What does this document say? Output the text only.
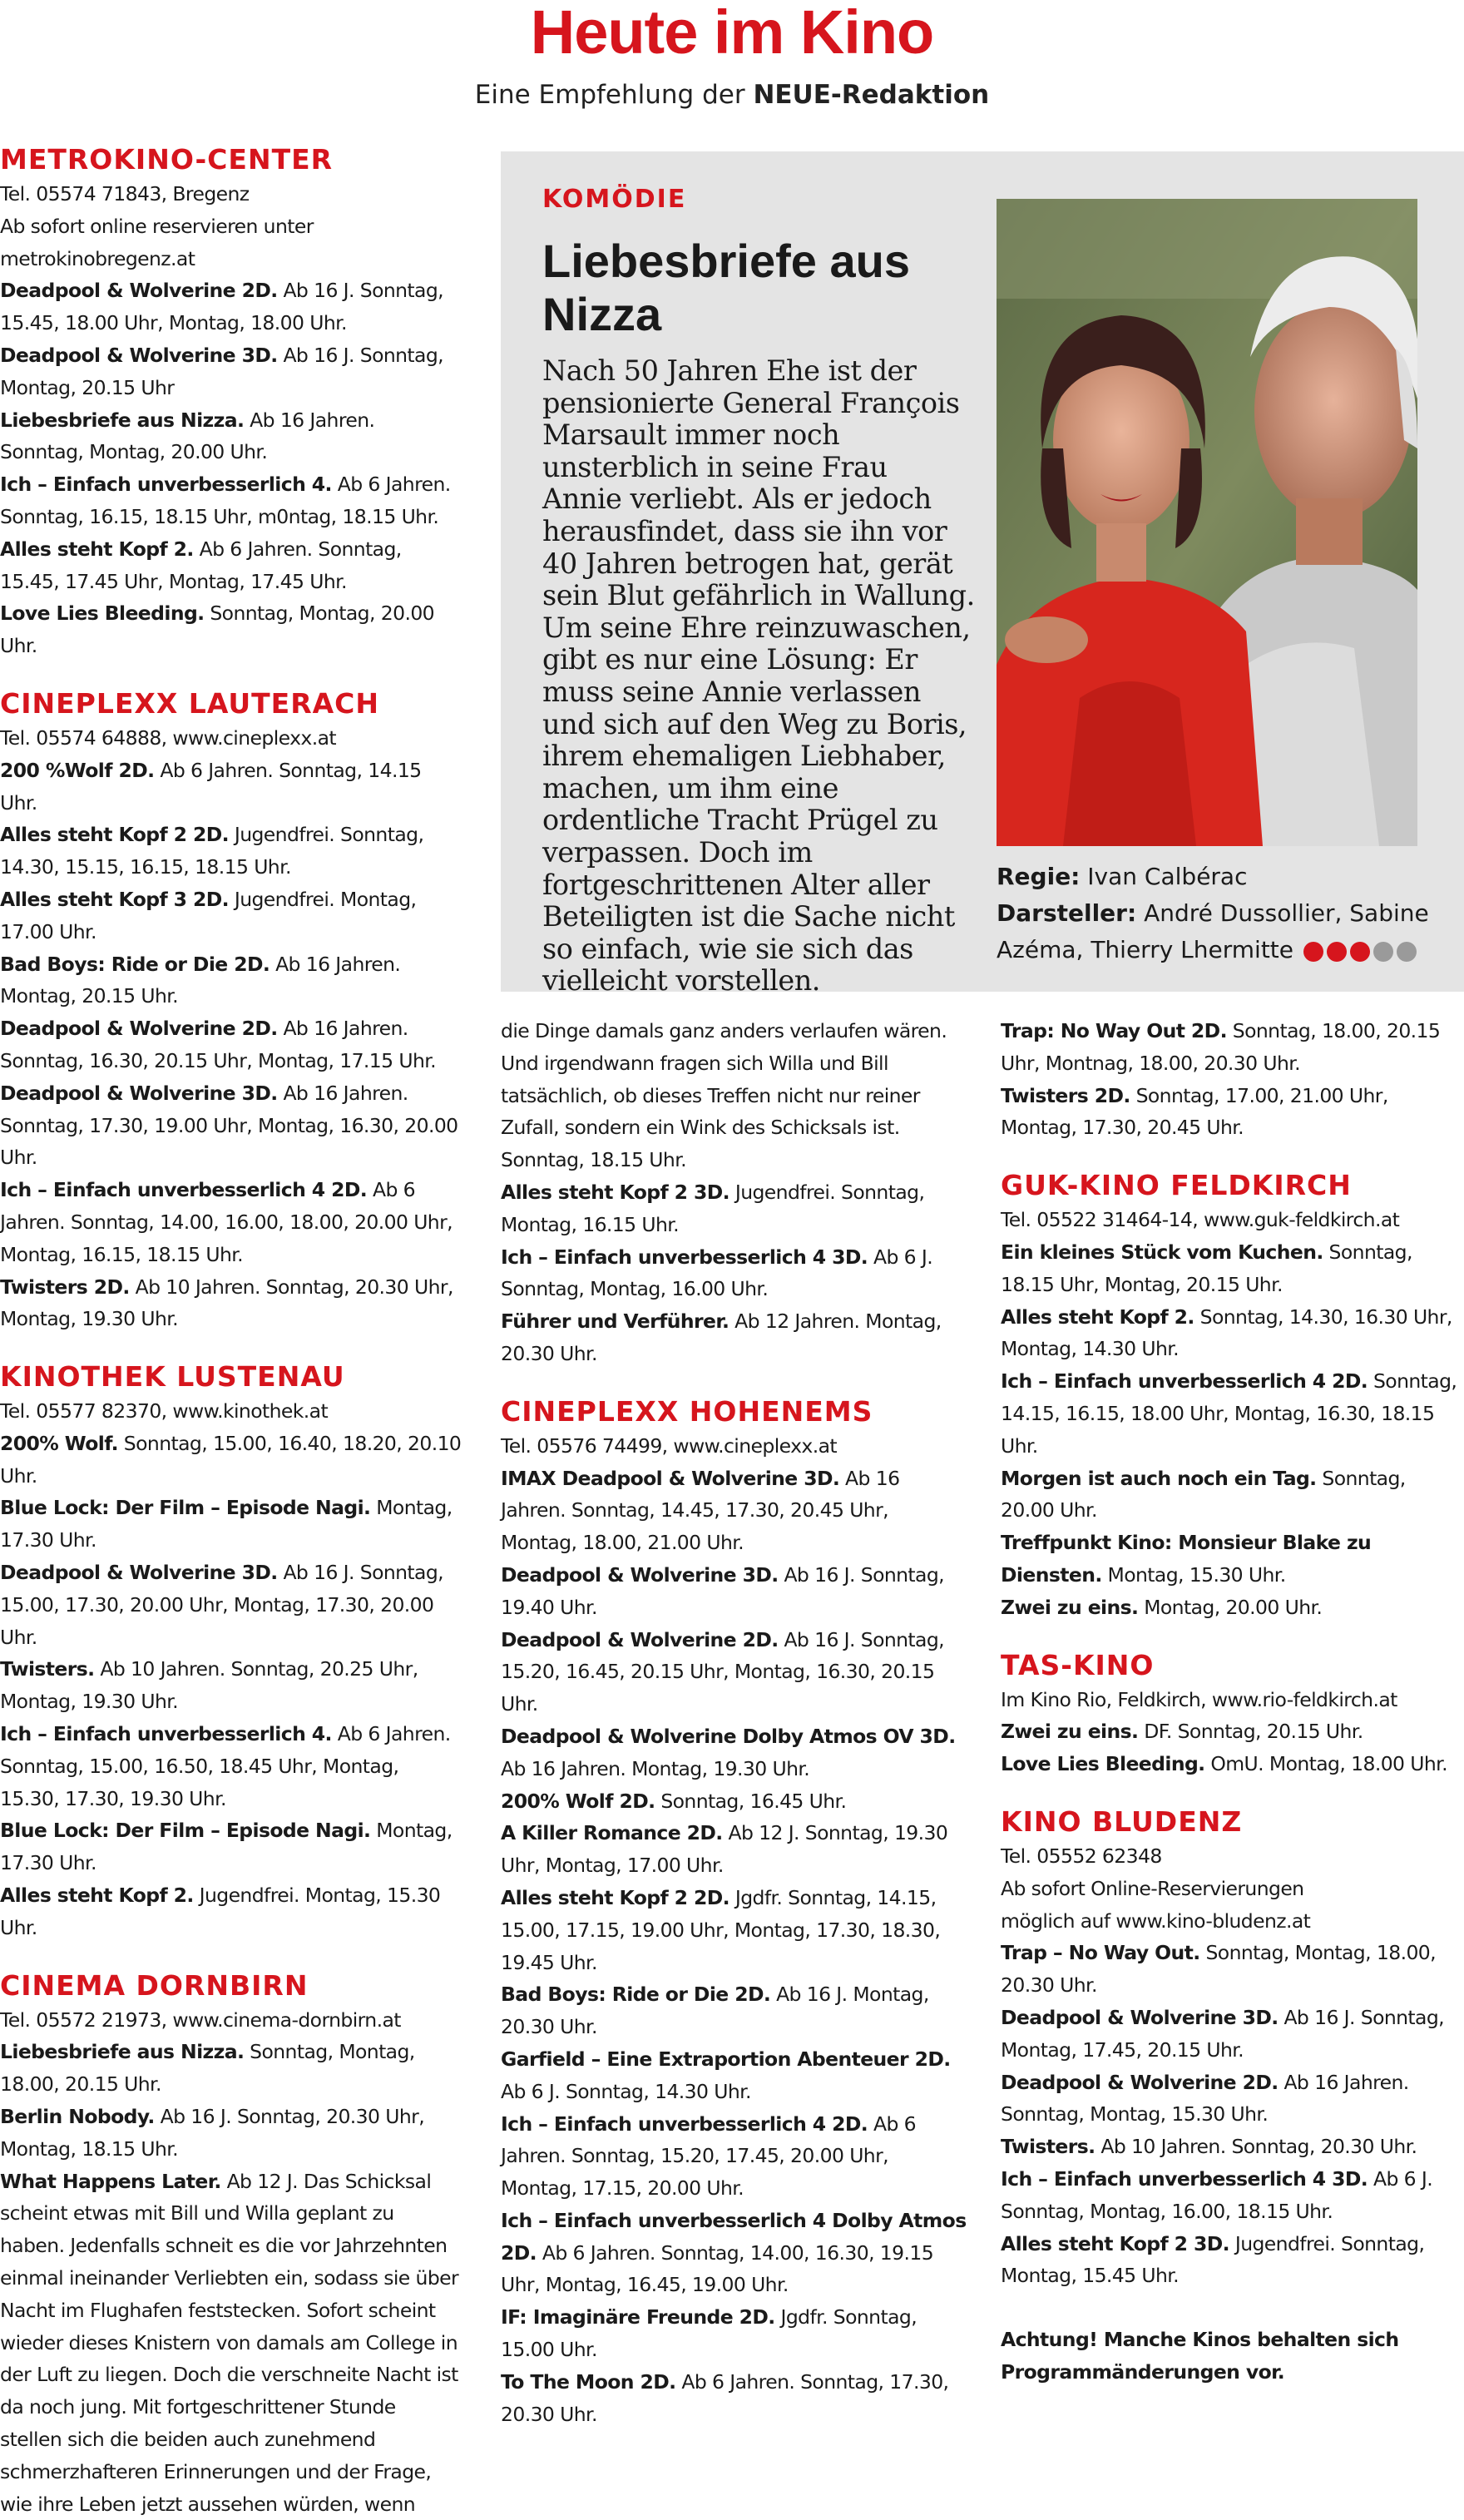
Heute im Kino
Eine Empfehlung der NEUE-Redaktion
METROKINO-CENTER
Tel. 05574 71843, Bregenz
Ab sofort online reservieren unter
metrokinobregenz.at
Deadpool & Wolverine 2D. Ab 16 J. Sonntag, 15.45, 18.00 Uhr, Montag, 18.00 Uhr.
Deadpool & Wolverine 3D. Ab 16 J. Sonntag, Montag, 20.15 Uhr
Liebesbriefe aus Nizza. Ab 16 Jahren. Sonntag, Montag, 20.00 Uhr.
Ich – Einfach unverbesserlich 4. Ab 6 Jahren. Sonntag, 16.15, 18.15 Uhr, m0ntag, 18.15 Uhr.
Alles steht Kopf 2. Ab 6 Jahren. Sonntag, 15.45, 17.45 Uhr, Montag, 17.45 Uhr.
Love Lies Bleeding. Sonntag, Montag, 20.00 Uhr.
CINEPLEXX LAUTERACH
Tel. 05574 64888, www.cineplexx.at
200 %Wolf 2D. Ab 6 Jahren. Sonntag, 14.15 Uhr.
Alles steht Kopf 2 2D. Jugendfrei. Sonntag, 14.30, 15.15, 16.15, 18.15 Uhr.
Alles steht Kopf 3 2D. Jugendfrei. Montag, 17.00 Uhr.
Bad Boys: Ride or Die 2D. Ab 16 Jahren. Montag, 20.15 Uhr.
Deadpool & Wolverine 2D. Ab 16 Jahren. Sonntag, 16.30, 20.15 Uhr, Montag, 17.15 Uhr.
Deadpool & Wolverine 3D. Ab 16 Jahren. Sonntag, 17.30, 19.00 Uhr, Montag, 16.30, 20.00 Uhr.
Ich – Einfach unverbesserlich 4 2D. Ab 6 Jahren. Sonntag, 14.00, 16.00, 18.00, 20.00 Uhr, Montag, 16.15, 18.15 Uhr.
Twisters 2D. Ab 10 Jahren. Sonntag, 20.30 Uhr, Montag, 19.30 Uhr.
KINOTHEK LUSTENAU
Tel. 05577 82370, www.kinothek.at
200% Wolf. Sonntag, 15.00, 16.40, 18.20, 20.10 Uhr.
Blue Lock: Der Film – Episode Nagi. Montag, 17.30 Uhr.
Deadpool & Wolverine 3D. Ab 16 J. Sonntag, 15.00, 17.30, 20.00 Uhr, Montag, 17.30, 20.00 Uhr.
Twisters. Ab 10 Jahren. Sonntag, 20.25 Uhr, Montag, 19.30 Uhr.
Ich – Einfach unverbesserlich 4. Ab 6 Jahren. Sonntag, 15.00, 16.50, 18.45 Uhr, Montag, 15.30, 17.30, 19.30 Uhr.
Blue Lock: Der Film – Episode Nagi. Montag, 17.30 Uhr.
Alles steht Kopf 2. Jugendfrei. Montag, 15.30 Uhr.
CINEMA DORNBIRN
Tel. 05572 21973, www.cinema-dornbirn.at
Liebesbriefe aus Nizza. Sonntag, Montag, 18.00, 20.15 Uhr.
Berlin Nobody. Ab 16 J. Sonntag, 20.30 Uhr, Montag, 18.15 Uhr.
What Happens Later. Ab 12 J. Das Schicksal scheint etwas mit Bill und Willa geplant zu haben. Jedenfalls schneit es die vor Jahrzehnten einmal ineinander Verliebten ein, sodass sie über Nacht im Flughafen feststecken. Sofort scheint wieder dieses Knistern von damals am College in der Luft zu liegen. Doch die verschneite Nacht ist da noch jung. Mit fortgeschrittener Stunde stellen sich die beiden auch zunehmend schmerzhafteren Erinnerungen und der Frage, wie ihre Leben jetzt aussehen würden, wenn
KOMÖDIE
Liebesbriefe aus Nizza
Nach 50 Jahren Ehe ist der pensionierte General François Marsault immer noch unsterblich in seine Frau Annie verliebt. Als er jedoch herausfindet, dass sie ihn vor 40 Jahren betrogen hat, gerät sein Blut gefährlich in Wallung. Um seine Ehre reinzuwaschen, gibt es nur eine Lösung: Er muss seine Annie verlassen und sich auf den Weg zu Boris, ihrem ehemaligen Liebhaber, machen, um ihm eine ordentliche Tracht Prügel zu verpassen. Doch im fortgeschrittenen Alter aller Beteiligten ist die Sache nicht so einfach, wie sie sich das vielleicht vorstellen.
Regie: Ivan Calbérac
Darsteller: André Dussollier, Sabine Azéma, Thierry Lhermitte
die Dinge damals ganz anders verlaufen wären. Und irgendwann fragen sich Willa und Bill tatsächlich, ob dieses Treffen nicht nur reiner Zufall, sondern ein Wink des Schicksals ist. Sonntag, 18.15 Uhr.
Alles steht Kopf 2 3D. Jugendfrei. Sonntag, Montag, 16.15 Uhr.
Ich – Einfach unverbesserlich 4 3D. Ab 6 J. Sonntag, Montag, 16.00 Uhr.
Führer und Verführer. Ab 12 Jahren. Montag, 20.30 Uhr.
CINEPLEXX HOHENEMS
Tel. 05576 74499, www.cineplexx.at
IMAX Deadpool & Wolverine 3D. Ab 16 Jahren. Sonntag, 14.45, 17.30, 20.45 Uhr, Montag, 18.00, 21.00 Uhr.
Deadpool & Wolverine 3D. Ab 16 J. Sonntag, 19.40 Uhr.
Deadpool & Wolverine 2D. Ab 16 J. Sonntag, 15.20, 16.45, 20.15 Uhr, Montag, 16.30, 20.15 Uhr.
Deadpool & Wolverine Dolby Atmos OV 3D. Ab 16 Jahren. Montag, 19.30 Uhr.
200% Wolf 2D. Sonntag, 16.45 Uhr.
A Killer Romance 2D. Ab 12 J. Sonntag, 19.30 Uhr, Montag, 17.00 Uhr.
Alles steht Kopf 2 2D. Jgdfr. Sonntag, 14.15, 15.00, 17.15, 19.00 Uhr, Montag, 17.30, 18.30, 19.45 Uhr.
Bad Boys: Ride or Die 2D. Ab 16 J. Montag, 20.30 Uhr.
Garfield – Eine Extraportion Abenteuer 2D. Ab 6 J. Sonntag, 14.30 Uhr.
Ich – Einfach unverbesserlich 4 2D. Ab 6 Jahren. Sonntag, 15.20, 17.45, 20.00 Uhr, Montag, 17.15, 20.00 Uhr.
Ich – Einfach unverbesserlich 4 Dolby Atmos 2D. Ab 6 Jahren. Sonntag, 14.00, 16.30, 19.15 Uhr, Montag, 16.45, 19.00 Uhr.
IF: Imaginäre Freunde 2D. Jgdfr. Sonntag, 15.00 Uhr.
To The Moon 2D. Ab 6 Jahren. Sonntag, 17.30, 20.30 Uhr.
Trap: No Way Out 2D. Sonntag, 18.00, 20.15 Uhr, Montnag, 18.00, 20.30 Uhr.
Twisters 2D. Sonntag, 17.00, 21.00 Uhr, Montag, 17.30, 20.45 Uhr.
GUK-KINO FELDKIRCH
Tel. 05522 31464-14, www.guk-feldkirch.at
Ein kleines Stück vom Kuchen. Sonntag, 18.15 Uhr, Montag, 20.15 Uhr.
Alles steht Kopf 2. Sonntag, 14.30, 16.30 Uhr, Montag, 14.30 Uhr.
Ich – Einfach unverbesserlich 4 2D. Sonntag, 14.15, 16.15, 18.00 Uhr, Montag, 16.30, 18.15 Uhr.
Morgen ist auch noch ein Tag. Sonntag, 20.00 Uhr.
Treffpunkt Kino: Monsieur Blake zu Diensten. Montag, 15.30 Uhr.
Zwei zu eins. Montag, 20.00 Uhr.
TAS-KINO
Im Kino Rio, Feldkirch, www.rio-feldkirch.at
Zwei zu eins. DF. Sonntag, 20.15 Uhr.
Love Lies Bleeding. OmU. Montag, 18.00 Uhr.
KINO BLUDENZ
Tel. 05552 62348
Ab sofort Online-Reservierungen
möglich auf www.kino-bludenz.at
Trap – No Way Out. Sonntag, Montag, 18.00, 20.30 Uhr.
Deadpool & Wolverine 3D. Ab 16 J. Sonntag, Montag, 17.45, 20.15 Uhr.
Deadpool & Wolverine 2D. Ab 16 Jahren. Sonntag, Montag, 15.30 Uhr.
Twisters. Ab 10 Jahren. Sonntag, 20.30 Uhr.
Ich – Einfach unverbesserlich 4 3D. Ab 6 J. Sonntag, Montag, 16.00, 18.15 Uhr.
Alles steht Kopf 2 3D. Jugendfrei. Sonntag, Montag, 15.45 Uhr.
Achtung! Manche Kinos behalten sich Programmänderungen vor.
